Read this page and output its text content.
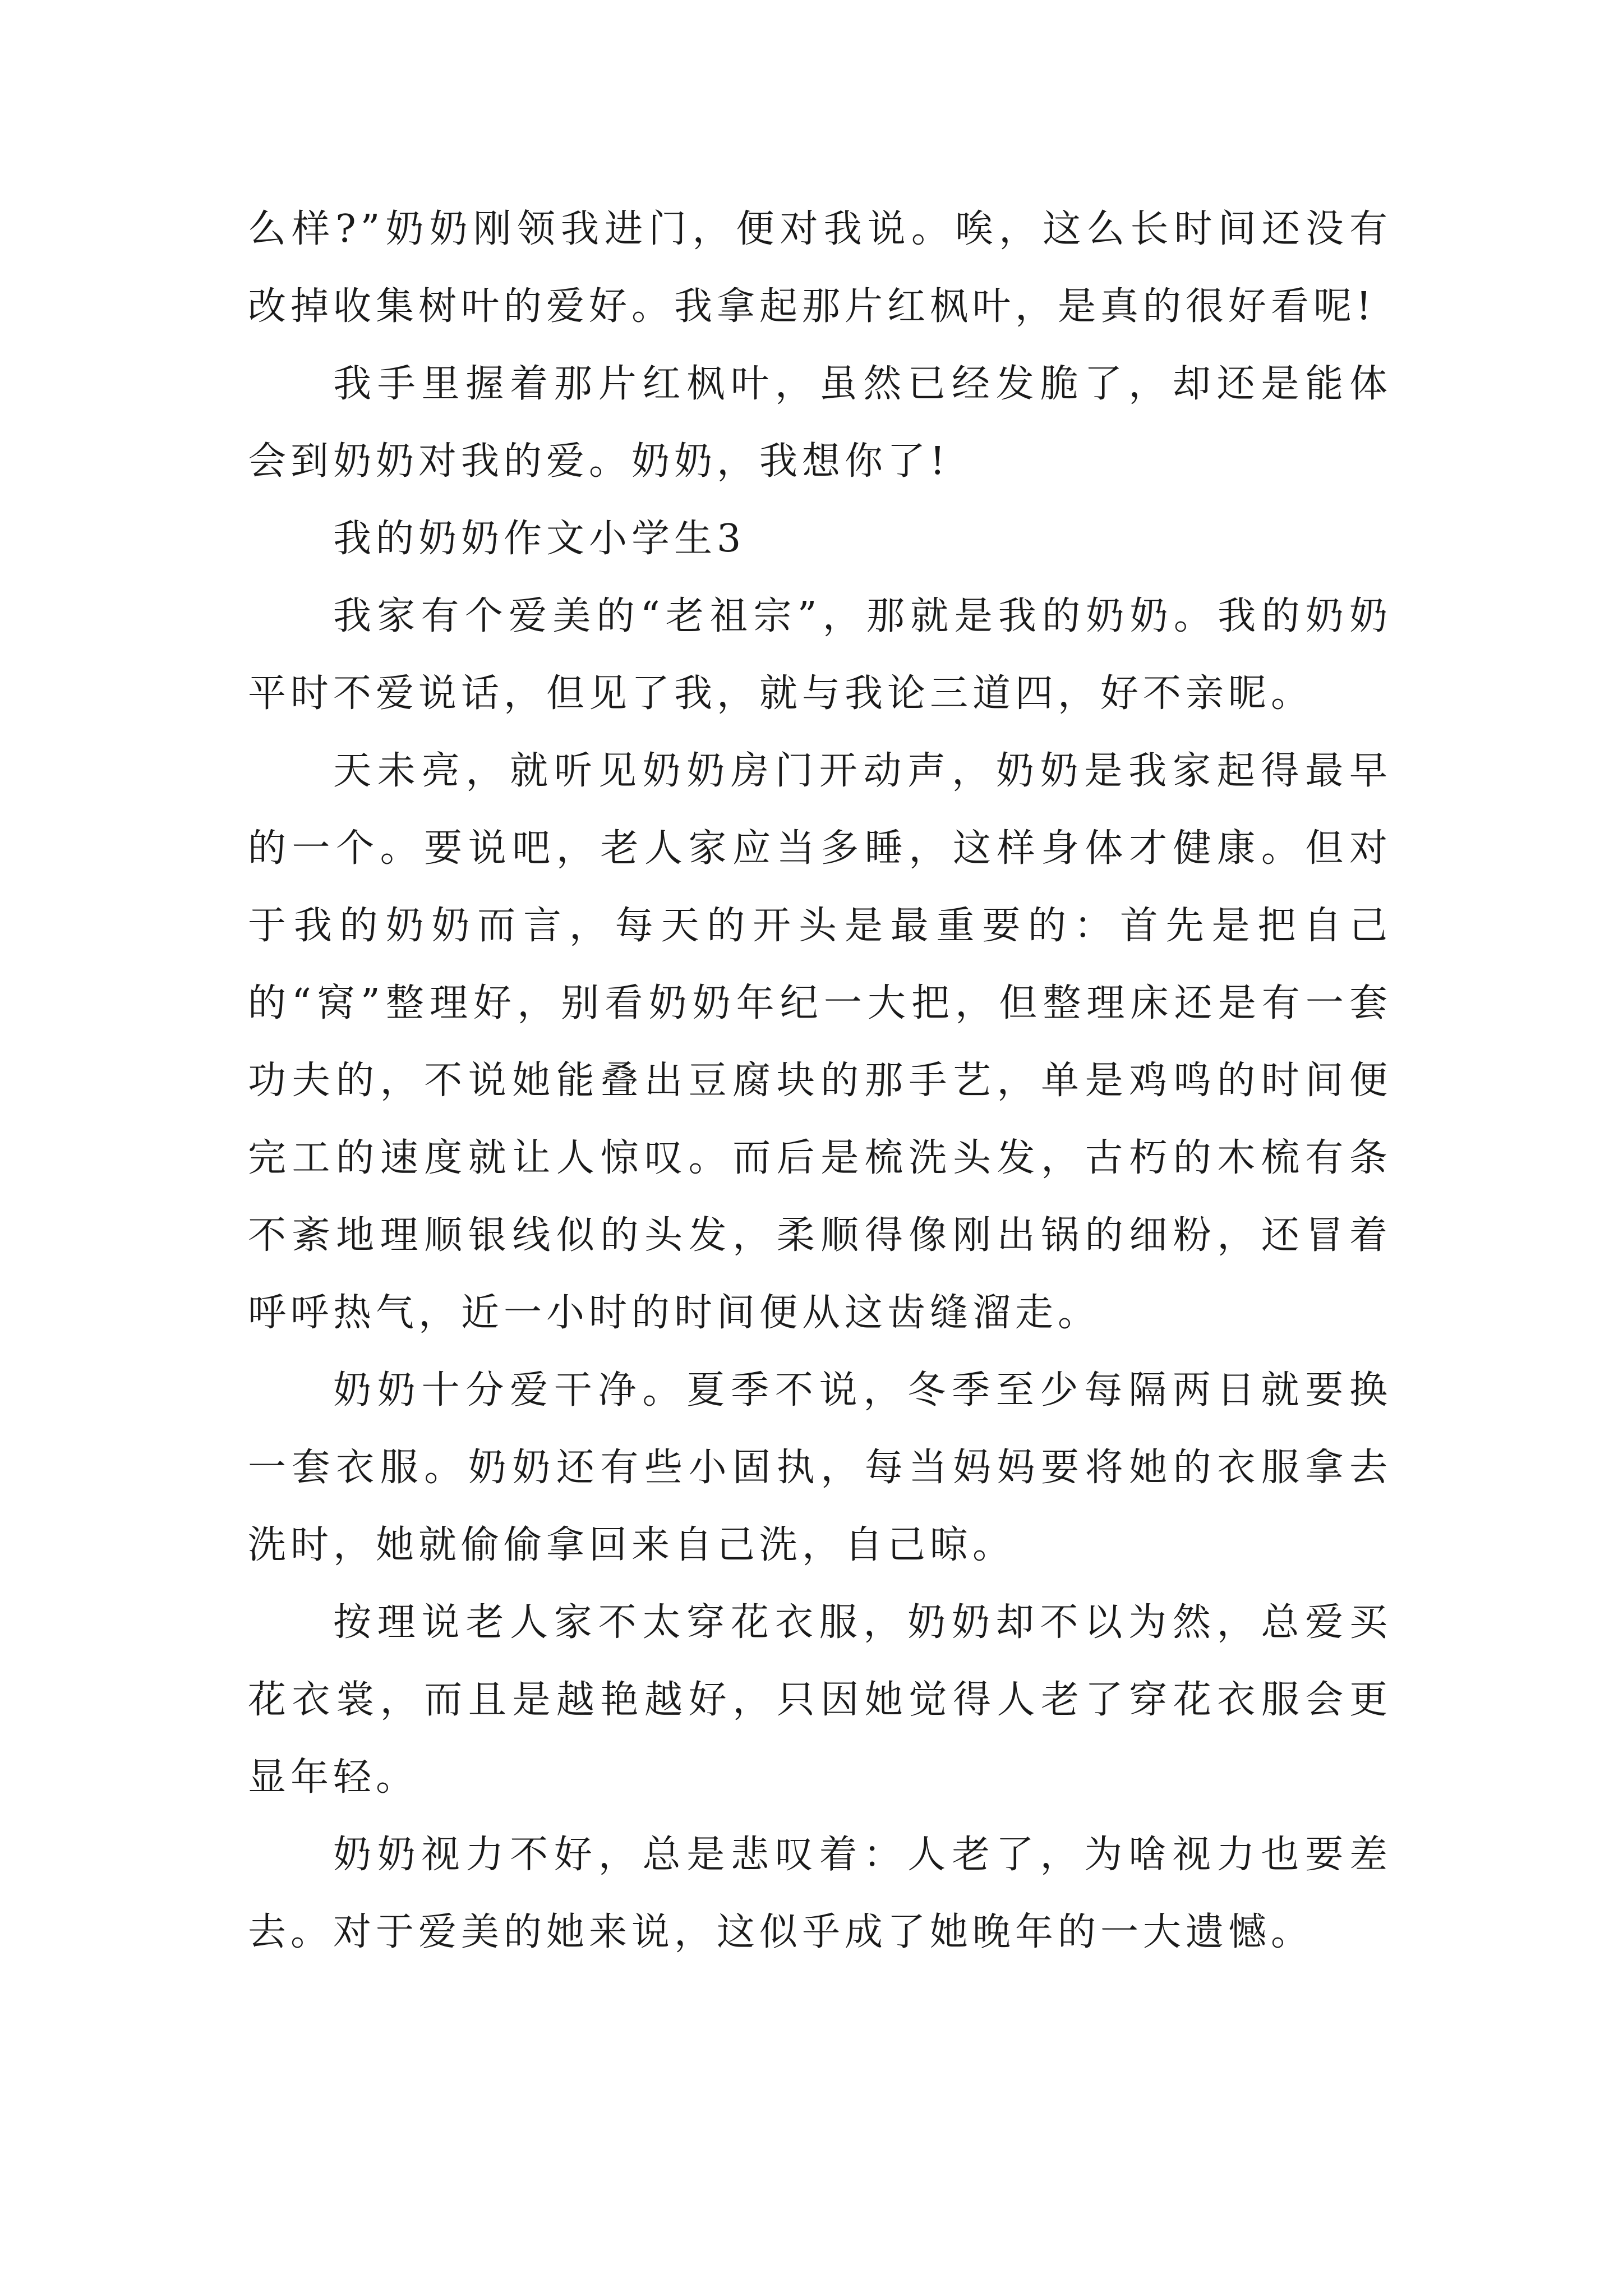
么样?”奶奶刚领我进门，便对我说。唉，这么长时间还没有改掉收集树叶的爱好。我拿起那片红枫叶，是真的很好看呢!

我手里握着那片红枫叶，虽然已经发脆了，却还是能体会到奶奶对我的爱。奶奶，我想你了!

我的奶奶作文小学生3

我家有个爱美的“老祖宗”，那就是我的奶奶。我的奶奶平时不爱说话，但见了我，就与我论三道四，好不亲昵。

天未亮，就听见奶奶房门开动声，奶奶是我家起得最早的一个。要说吧，老人家应当多睡，这样身体才健康。但对于我的奶奶而言，每天的开头是最重要的：首先是把自己的“窝”整理好，别看奶奶年纪一大把，但整理床还是有一套功夫的，不说她能叠出豆腐块的那手艺，单是鸡鸣的时间便完工的速度就让人惊叹。而后是梳洗头发，古朽的木梳有条不紊地理顺银线似的头发，柔顺得像刚出锅的细粉，还冒着呼呼热气，近一小时的时间便从这齿缝溜走。

奶奶十分爱干净。夏季不说，冬季至少每隔两日就要换一套衣服。奶奶还有些小固执，每当妈妈要将她的衣服拿去洗时，她就偷偷拿回来自己洗，自己晾。

按理说老人家不太穿花衣服，奶奶却不以为然，总爱买花衣裳，而且是越艳越好，只因她觉得人老了穿花衣服会更显年轻。

奶奶视力不好，总是悲叹着：人老了，为啥视力也要差去。对于爱美的她来说，这似乎成了她晚年的一大遗憾。
